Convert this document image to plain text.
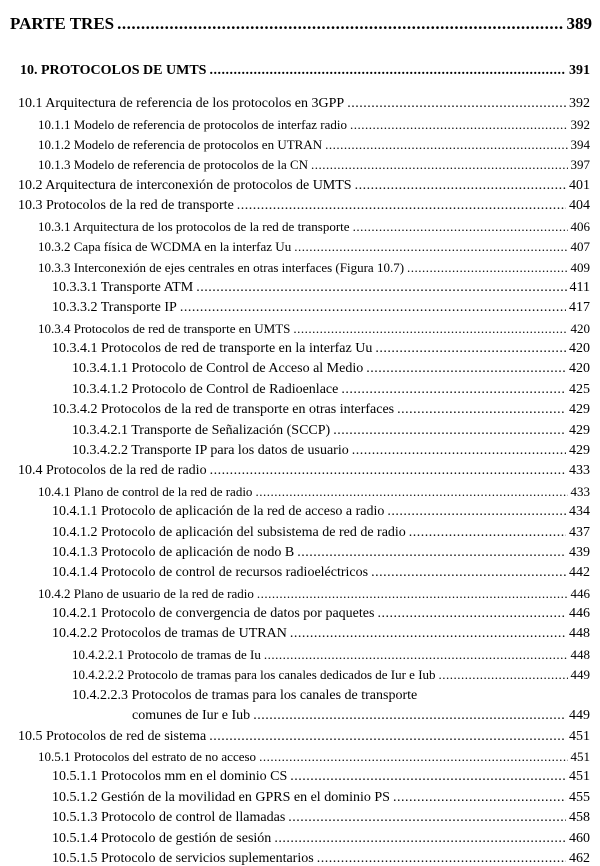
PARTE TRES .....	389
10. PROTOCOLOS DE UMTS .....	391
10.1 Arquitectura de referencia de los protocolos en 3GPP .....	392
10.1.1 Modelo de referencia de protocolos de interfaz radio .....	392
10.1.2 Modelo de referencia de protocolos en UTRAN .....	394
10.1.3 Modelo de referencia de protocolos de la CN .....	397
10.2 Arquitectura de interconexión de protocolos de UMTS .....	401
10.3 Protocolos de la red de transporte .....	404
10.3.1 Arquitectura de los protocolos de la red de transporte .....	406
10.3.2 Capa física de WCDMA en la interfaz Uu .....	407
10.3.3 Interconexión de ejes centrales en otras interfaces (Figura 10.7) .....	409
10.3.3.1 Transporte ATM .....	411
10.3.3.2 Transporte IP .....	417
10.3.4 Protocolos de red de transporte en UMTS .....	420
10.3.4.1 Protocolos de red de transporte en la interfaz Uu .....	420
10.3.4.1.1 Protocolo de Control de Acceso al Medio .....	420
10.3.4.1.2 Protocolo de Control de Radioenlace .....	425
10.3.4.2 Protocolos de la red de transporte en otras interfaces .....	429
10.3.4.2.1 Transporte de Señalización (SCCP) .....	429
10.3.4.2.2 Transporte IP para los datos de usuario .....	429
10.4 Protocolos de la red de radio .....	433
10.4.1 Plano de control de la red de radio .....	433
10.4.1.1 Protocolo de aplicación de la red de acceso a radio .....	434
10.4.1.2 Protocolo de aplicación del subsistema de red de radio .....	437
10.4.1.3 Protocolo de aplicación de nodo B .....	439
10.4.1.4 Protocolo de control de recursos radioeléctricos .....	442
10.4.2 Plano de usuario de la red de radio .....	446
10.4.2.1 Protocolo de convergencia de datos por paquetes .....	446
10.4.2.2 Protocolos de tramas de UTRAN .....	448
10.4.2.2.1 Protocolo de tramas de Iu .....	448
10.4.2.2.2 Protocolo de tramas para los canales dedicados de Iur e Iub .....	449
10.4.2.2.3 Protocolos de tramas para los canales de transporte
comunes de Iur e Iub .....	449
10.5 Protocolos de red de sistema .....	451
10.5.1 Protocolos del estrato de no acceso .....	451
10.5.1.1 Protocolos mm en el dominio CS .....	451
10.5.1.2 Gestión de la movilidad en GPRS en el dominio PS .....	455
10.5.1.3 Protocolo de control de llamadas .....	458
10.5.1.4 Protocolo de gestión de sesión .....	460
10.5.1.5 Protocolo de servicios suplementarios .....	462
